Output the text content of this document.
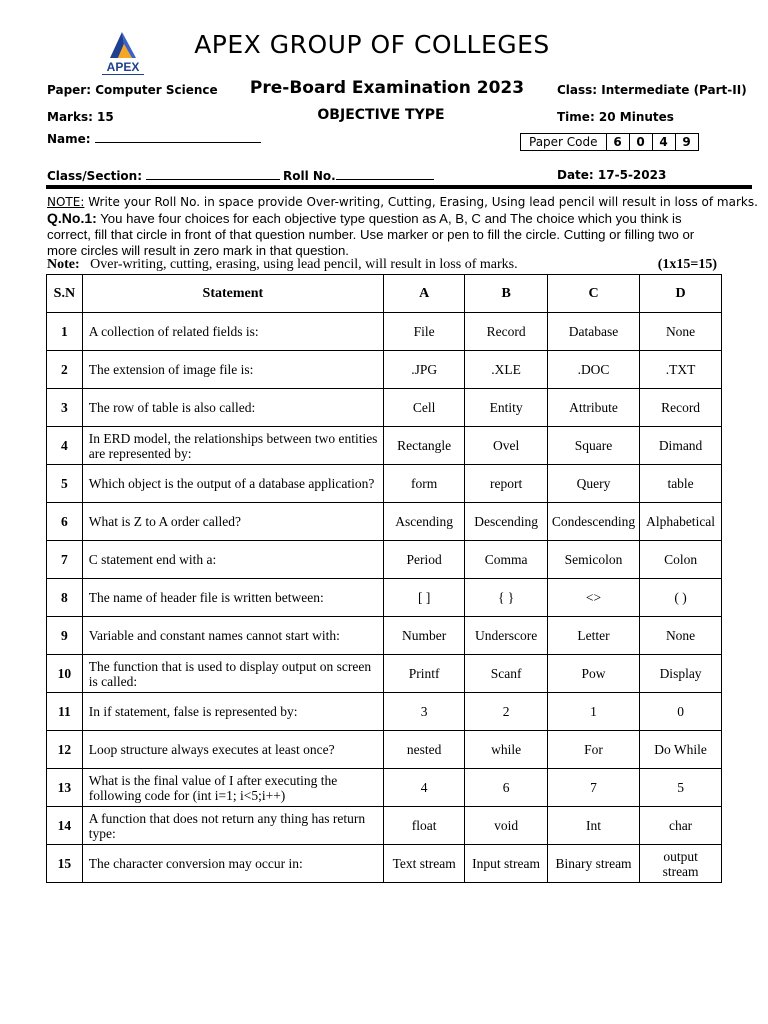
APEX
APEX GROUP OF COLLEGES
Paper: Computer Science	Pre-Board Examination 2023	Class: Intermediate (Part-II)
Marks: 15	OBJECTIVE TYPE	Time: 20 Minutes
Name:	Paper Code	6	0	4	9
Class/Section:	Roll No.	Date: 17-5-2023
NOTE: Write your Roll No. in space provide Over-writing, Cutting, Erasing, Using lead pencil will result in loss of marks.
Q.No.1: You have four choices for each objective type question as A, B, C and The choice which you think is correct, fill that circle in front of that question number. Use marker or pen to fill the circle. Cutting or filling two or more circles will result in zero mark in that question.
Note: Over-writing, cutting, erasing, using lead pencil, will result in loss of marks.	(1x15=15)
S.N	Statement	A	B	C	D
1	A collection of related fields is:	File	Record	Database	None
2	The extension of image file is:	.JPG	.XLE	.DOC	.TXT
3	The row of table is also called:	Cell	Entity	Attribute	Record
4	In ERD model, the relationships between two entities are represented by:	Rectangle	Ovel	Square	Dimand
5	Which object is the output of a database application?	form	report	Query	table
6	What is Z to A order called?	Ascending	Descending	Condescending	Alphabetical
7	C statement end with a:	Period	Comma	Semicolon	Colon
8	The name of header file is written between:	[ ]	{ }	<>	( )
9	Variable and constant names cannot start with:	Number	Underscore	Letter	None
10	The function that is used to display output on screen is called:	Printf	Scanf	Pow	Display
11	In if statement, false is represented by:	3	2	1	0
12	Loop structure always executes at least once?	nested	while	For	Do While
13	What is the final value of I after executing the following code for (int i=1; i<5;i++)	4	6	7	5
14	A function that does not return any thing has return type:	float	void	Int	char
15	The character conversion may occur in:	Text stream	Input stream	Binary stream	output stream
